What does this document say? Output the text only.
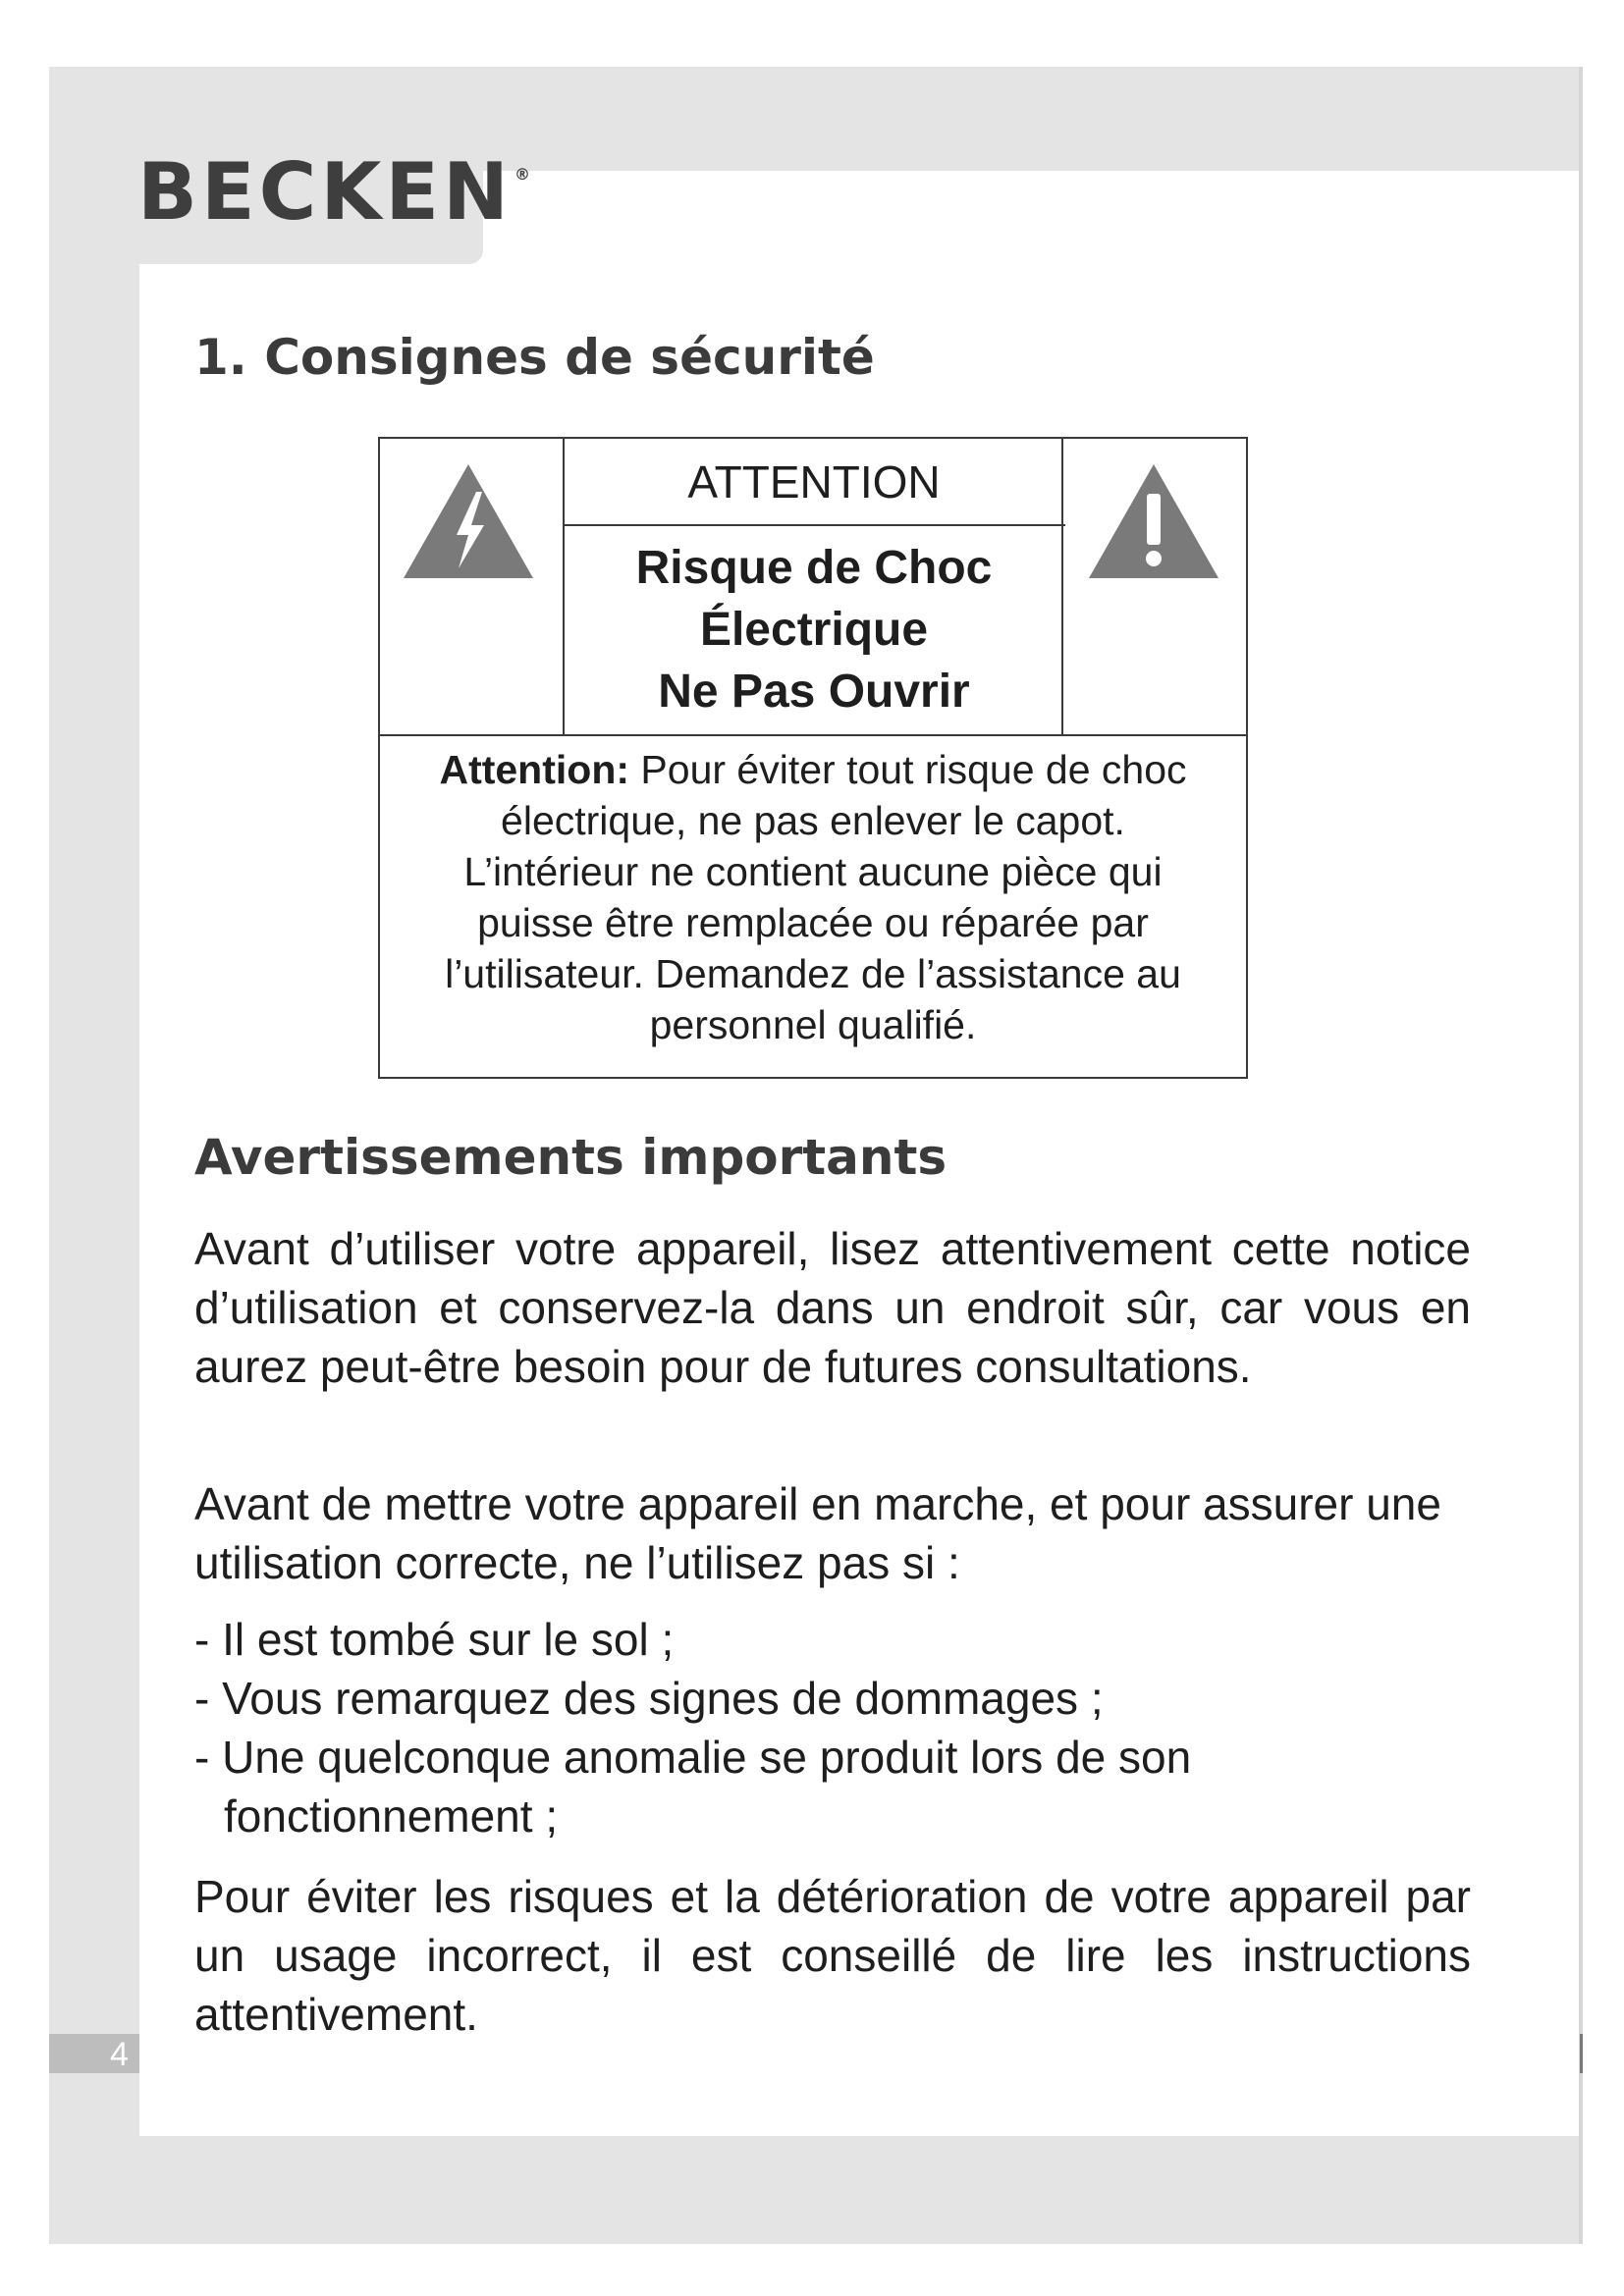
BECKEN ®
1. Consignes de sécurité
ATTENTION
Risque de Choc
Électrique
Ne Pas Ouvrir
Attention: Pour éviter tout risque de choc électrique, ne pas enlever le capot. L’intérieur ne contient aucune pièce qui puisse être remplacée ou réparée par l’utilisateur. Demandez de l’assistance au personnel qualifié.
Avertissements importants

Avant d’utiliser votre appareil, lisez attentivement cette notice d’utilisation et conservez-la dans un endroit sûr, car vous en aurez peut-être besoin pour de futures consultations.

Avant de mettre votre appareil en marche, et pour assurer une utilisation correcte, ne l’utilisez pas si :

- Il est tombé sur le sol ;
- Vous remarquez des signes de dommages ;
- Une quelconque anomalie se produit lors de son fonctionnement ;

Pour éviter les risques et la détérioration de votre appareil par un usage incorrect, il est conseillé de lire les instructions attentivement.

4
